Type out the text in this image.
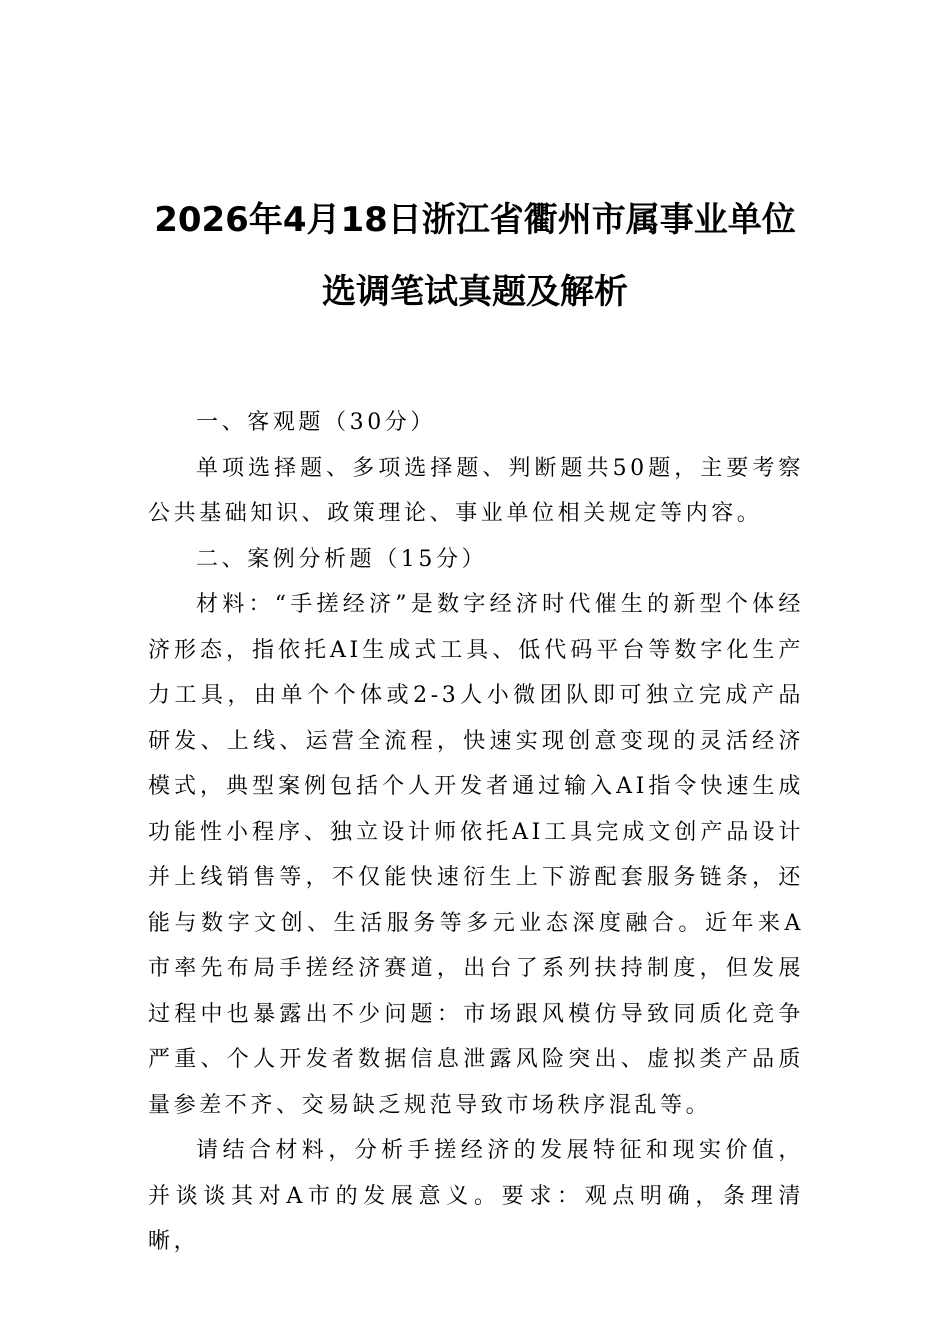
2026年4月18日浙江省衢州市属事业单位
选调笔试真题及解析

一、客观题（30分）

单项选择题、多项选择题、判断题共50题，主要考察公共基础知识、政策理论、事业单位相关规定等内容。

二、案例分析题（15分）

材料：“手搓经济”是数字经济时代催生的新型个体经济形态，指依托AI生成式工具、低代码平台等数字化生产力工具，由单个个体或2-3人小微团队即可独立完成产品研发、上线、运营全流程，快速实现创意变现的灵活经济模式，典型案例包括个人开发者通过输入AI指令快速生成功能性小程序、独立设计师依托AI工具完成文创产品设计并上线销售等，不仅能快速衍生上下游配套服务链条，还能与数字文创、生活服务等多元业态深度融合。近年来A市率先布局手搓经济赛道，出台了系列扶持制度，但发展过程中也暴露出不少问题：市场跟风模仿导致同质化竞争严重、个人开发者数据信息泄露风险突出、虚拟类产品质量参差不齐、交易缺乏规范导致市场秩序混乱等。

请结合材料，分析手搓经济的发展特征和现实价值，并谈谈其对A市的发展意义。要求：观点明确，条理清晰，
